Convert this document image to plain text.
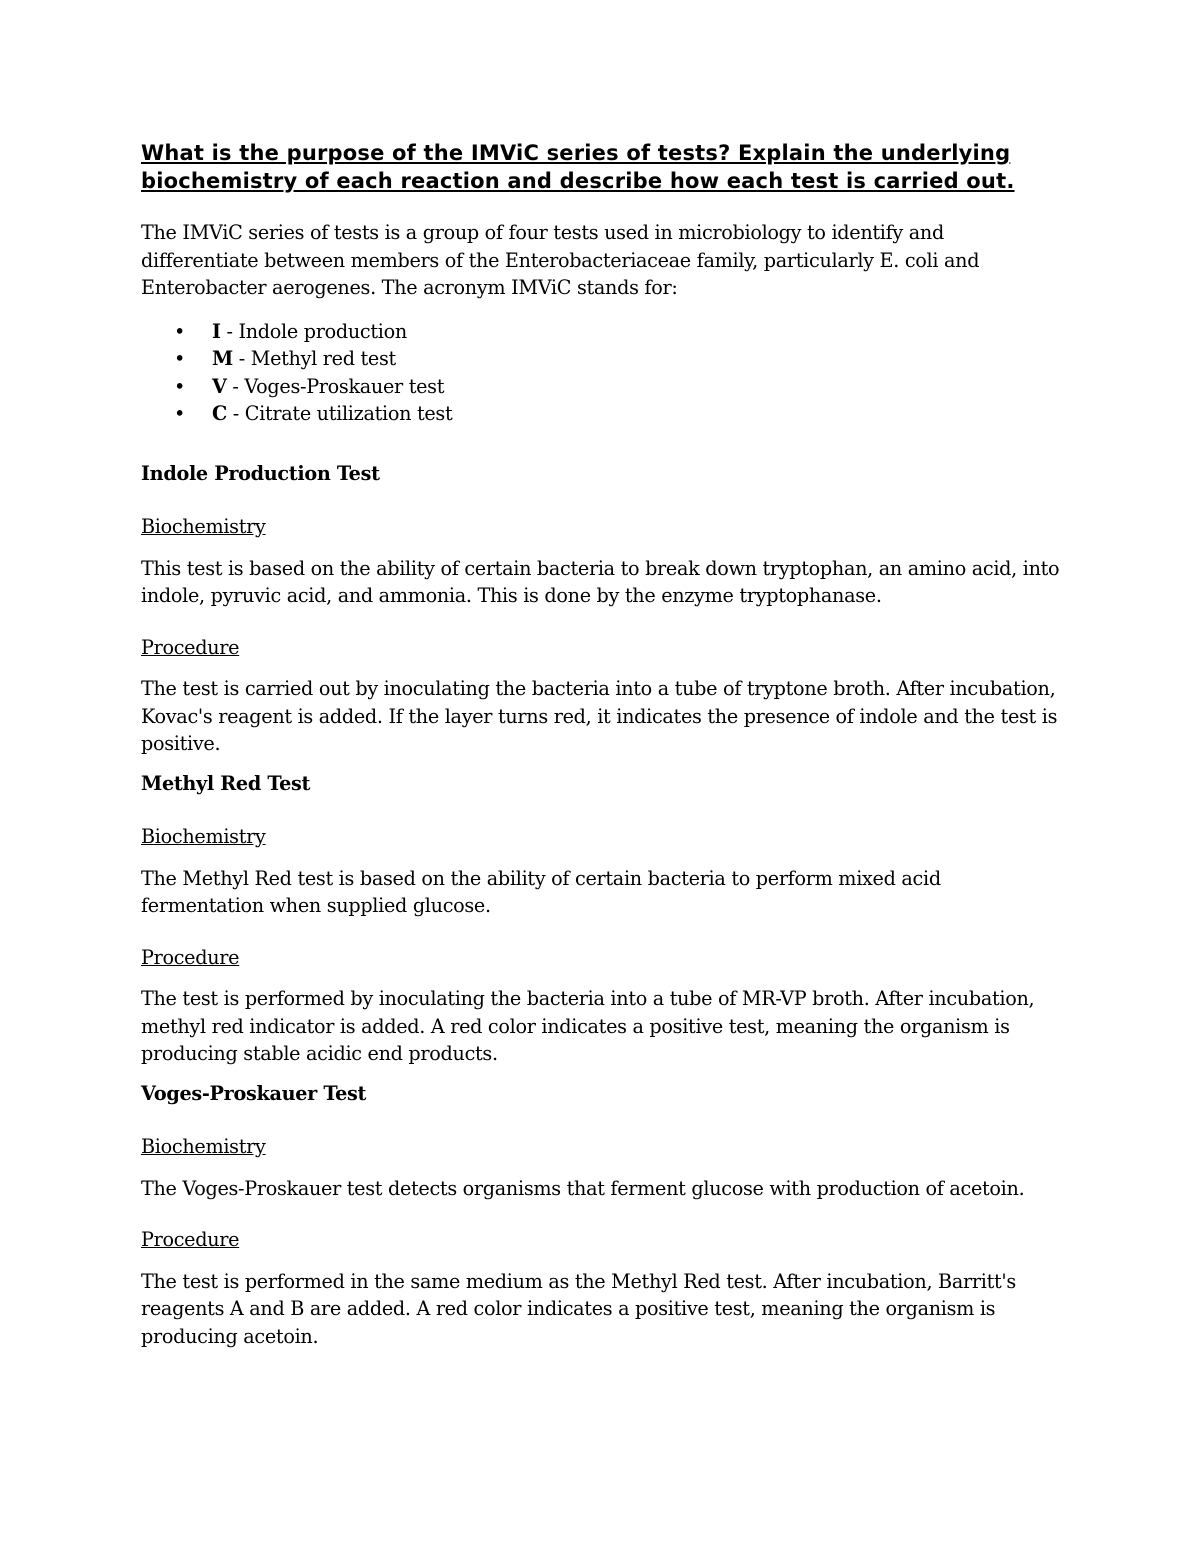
What is the purpose of the IMViC series of tests? Explain the underlying biochemistry of each reaction and describe how each test is carried out.

The IMViC series of tests is a group of four tests used in microbiology to identify and differentiate between members of the Enterobacteriaceae family, particularly E. coli and Enterobacter aerogenes. The acronym IMViC stands for:

• I - Indole production
• M - Methyl red test
• V - Voges-Proskauer test
• C - Citrate utilization test
Indole Production Test
Biochemistry

This test is based on the ability of certain bacteria to break down tryptophan, an amino acid, into indole, pyruvic acid, and ammonia. This is done by the enzyme tryptophanase.

Procedure

The test is carried out by inoculating the bacteria into a tube of tryptone broth. After incubation, Kovac's reagent is added. If the layer turns red, it indicates the presence of indole and the test is positive.

Methyl Red Test
Biochemistry

The Methyl Red test is based on the ability of certain bacteria to perform mixed acid fermentation when supplied glucose.

Procedure

The test is performed by inoculating the bacteria into a tube of MR-VP broth. After incubation, methyl red indicator is added. A red color indicates a positive test, meaning the organism is producing stable acidic end products.

Voges-Proskauer Test
Biochemistry

The Voges-Proskauer test detects organisms that ferment glucose with production of acetoin.

Procedure

The test is performed in the same medium as the Methyl Red test. After incubation, Barritt's reagents A and B are added. A red color indicates a positive test, meaning the organism is producing acetoin.
